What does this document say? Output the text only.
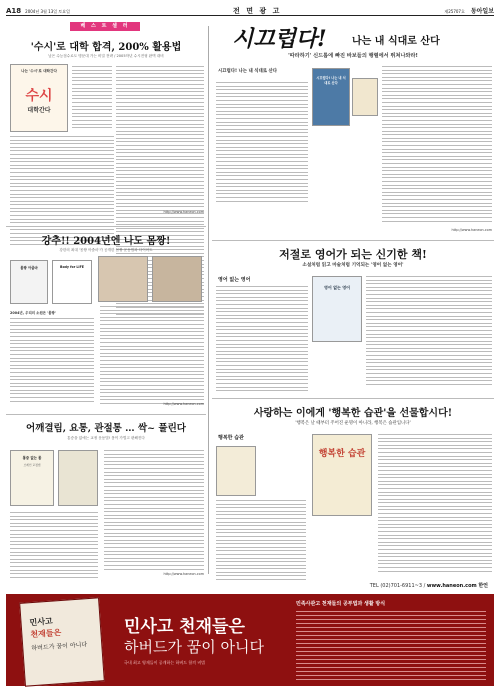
A18 2004년 3월 13일 토요일	전 면 광 고	제25707호 동아일보
베 스 트 셀 러
'수시'로 대학 합격, 200% 활용법
낮은 수능점수로도 명문대 가는 비밀 전략 / 2005학년 수시전형 완벽 대비
나는 '수시'로 대학간다
수시
대학간다
http://www.haneon.com
강추!! 2004년엔 나도 몸짱!
강한의 최대 '몸짱 아줌마'가 공개한 몸짱 운동법과 다이어트
몸짱 아줌마	Body for LIFE
2004년, 우리의 소원은 '몸짱'
http://www.haneon.com
어깨결림, 요통, 관절통 … 싹~ 풀린다
통증을 없애는 교정 운동법! 몸이 가볍고 편해진다
통증 없는 몸
브레인 교정법
http://www.haneon.com
시끄럽다!	나는 내 식대로 산다
'따라하기' 신드롬에 빠진 바보들의 행렬에서 뛰쳐나와라!
시끄럽다! 나는 내 식대로 산다
시끄럽다! 나는 내 식대로 산다
http://www.haneon.com
저절로 영어가 되는 신기한 책!
소설처럼 읽고 마술처럼 기억되는 '영어 없는 영어'
영어 없는 영어
영어 없는 영어
사랑하는 이에게 '행복한 습관'을 선물합시다!
'행복은 날 때부터 주어진 운명이 아니라, 행복은 습관입니다'
행복한 습관
행복한 습관
TEL (02)701-6911~3 / www.haneon.com 한언
민사고
천재들은
하버드가 꿈이 아니다
민사고 천재들은
하버드가 꿈이 아니다
국내 최고 영재들이 공개하는 하버드 합격 비법
민족사관고 천재들의 공부법과 생활 방식
